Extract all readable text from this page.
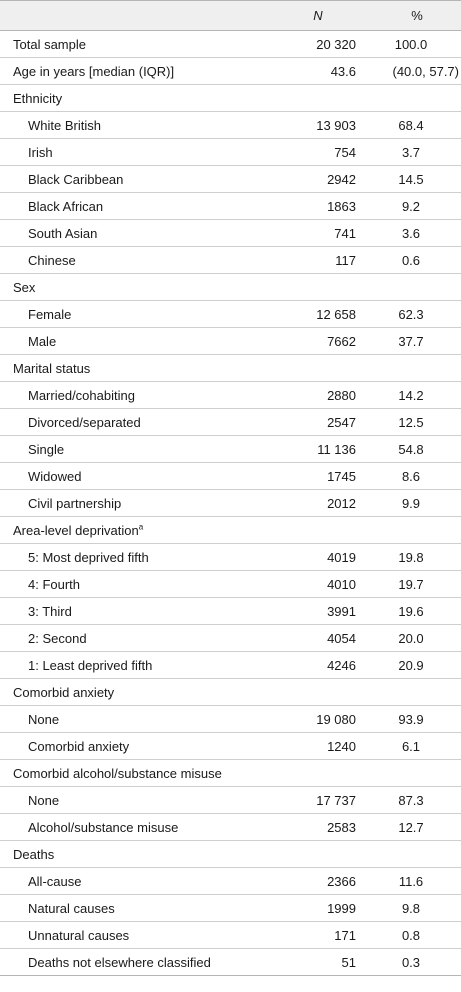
	N	%
Total sample	20 320	100.0
Age in years [median (IQR)]	43.6	(40.0, 57.7)
Ethnicity		
White British	13 903	68.4
Irish	754	3.7
Black Caribbean	2942	14.5
Black African	1863	9.2
South Asian	741	3.6
Chinese	117	0.6
Sex		
Female	12 658	62.3
Male	7662	37.7
Marital status		
Married/cohabiting	2880	14.2
Divorced/separated	2547	12.5
Single	11 136	54.8
Widowed	1745	8.6
Civil partnership	2012	9.9
Area-level deprivation$^a$		
5: Most deprived fifth	4019	19.8
4: Fourth	4010	19.7
3: Third	3991	19.6
2: Second	4054	20.0
1: Least deprived fifth	4246	20.9
Comorbid anxiety		
None	19 080	93.9
Comorbid anxiety	1240	6.1
Comorbid alcohol/substance misuse		
None	17 737	87.3
Alcohol/substance misuse	2583	12.7
Deaths		
All-cause	2366	11.6
Natural causes	1999	9.8
Unnatural causes	171	0.8
Deaths not elsewhere classified	51	0.3
